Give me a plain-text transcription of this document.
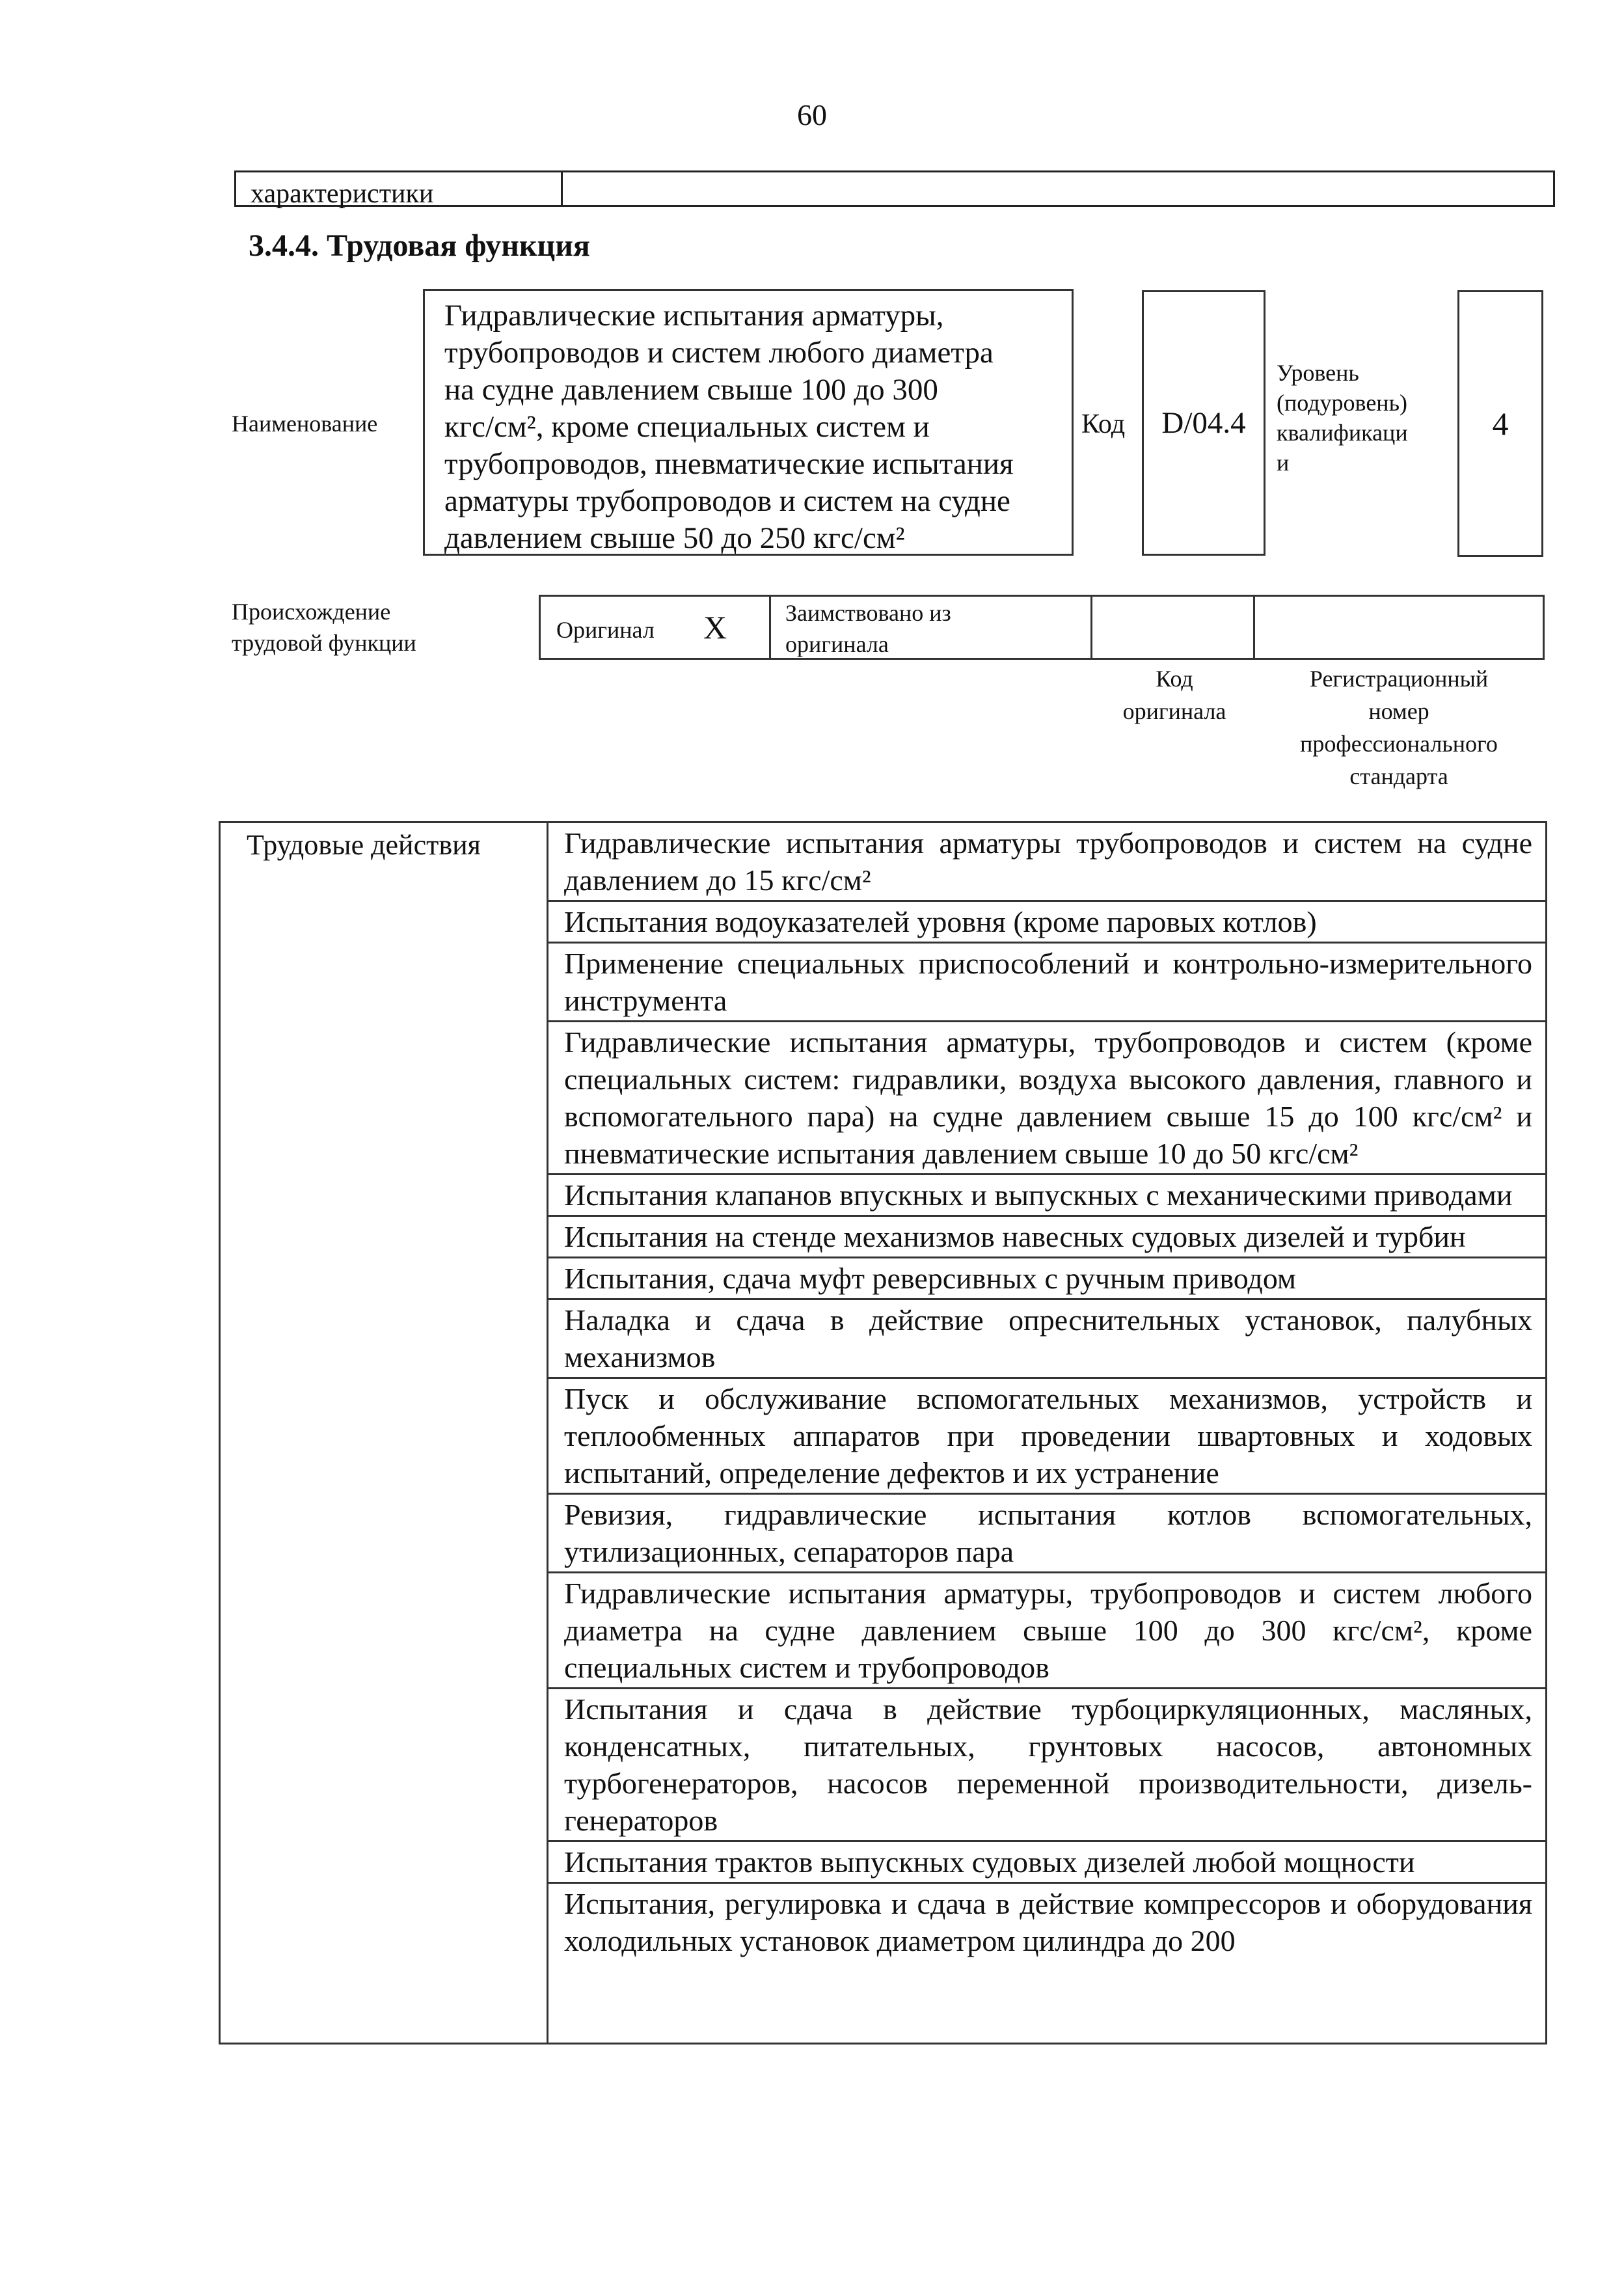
60
характеристики
3.4.4. Трудовая функция
Наименование
Гидравлические испытания арматуры,
трубопроводов и систем любого диаметра
на судне давлением свыше 100 до 300
кгс/см², кроме специальных систем и
трубопроводов, пневматические испытания
арматуры трубопроводов и систем на судне
давлением свыше 50 до 250 кгс/см²
Код D/04.4
Уровень
(подуровень)
квалификаци
и
4
Происхождение
трудовой функции	Оригинал X Заимствовано из
оригинала
Код
оригинала
Регистрационный
номер
профессионального
стандарта
Трудовые действия	Гидравлические испытания арматуры трубопроводов и систем на судне давлением до 15 кгс/см²
Испытания водоуказателей уровня (кроме паровых котлов)
Применение специальных приспособлений и контрольно-измерительного инструмента
Гидравлические испытания арматуры, трубопроводов и систем (кроме специальных систем: гидравлики, воздуха высокого давления, главного и вспомогательного пара) на судне давлением свыше 15 до 100 кгс/см² и пневматические испытания давлением свыше 10 до 50 кгс/см²
Испытания клапанов впускных и выпускных с механическими приводами
Испытания на стенде механизмов навесных судовых дизелей и турбин
Испытания, сдача муфт реверсивных с ручным приводом
Наладка и сдача в действие опреснительных установок, палубных механизмов
Пуск и обслуживание вспомогательных механизмов, устройств и теплообменных аппаратов при проведении швартовных и ходовых испытаний, определение дефектов и их устранение
Ревизия, гидравлические испытания котлов вспомогательных, утилизационных, сепараторов пара
Гидравлические испытания арматуры, трубопроводов и систем любого диаметра на судне давлением свыше 100 до 300 кгс/см², кроме специальных систем и трубопроводов
Испытания и сдача в действие турбоциркуляционных, масляных, конденсатных, питательных, грунтовых насосов, автономных турбогенераторов, насосов переменной производительности, дизель-генераторов
Испытания трактов выпускных судовых дизелей любой мощности
Испытания, регулировка и сдача в действие компрессоров и оборудования холодильных установок диаметром цилиндра до 200
